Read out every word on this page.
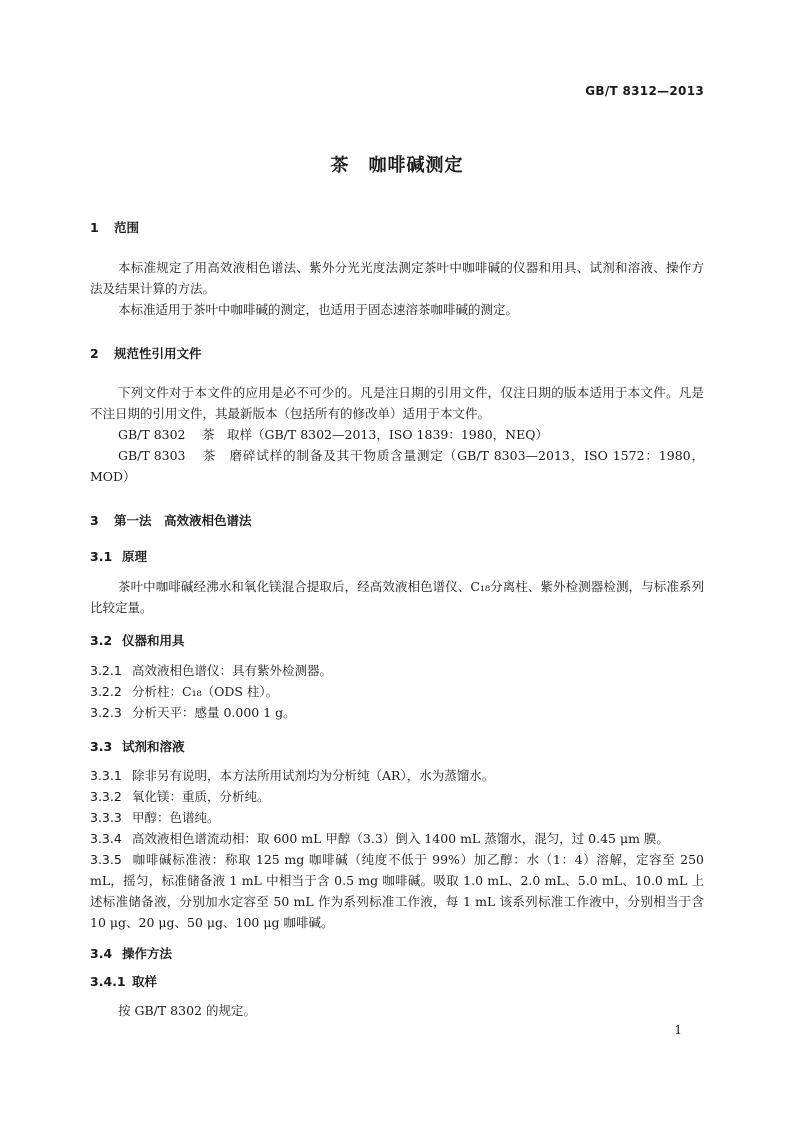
GB/T 8312—2013
茶　咖啡碱测定
1 范围
本标准规定了用高效液相色谱法、紫外分光光度法测定茶叶中咖啡碱的仪器和用具、试剂和溶液、操作方法及结果计算的方法。
本标准适用于茶叶中咖啡碱的测定，也适用于固态速溶茶咖啡碱的测定。
2 规范性引用文件
下列文件对于本文件的应用是必不可少的。凡是注日期的引用文件，仅注日期的版本适用于本文件。凡是不注日期的引用文件，其最新版本（包括所有的修改单）适用于本文件。
GB/T 8302 茶　取样（GB/T 8302—2013，ISO 1839：1980，NEQ）
GB/T 8303 茶　磨碎试样的制备及其干物质含量测定（GB/T 8303—2013，ISO 1572：1980，MOD）
3 第一法　高效液相色谱法
3.1 原理
茶叶中咖啡碱经沸水和氧化镁混合提取后，经高效液相色谱仪、C₁₈分离柱、紫外检测器检测，与标准系列比较定量。
3.2 仪器和用具
3.2.1 高效液相色谱仪：具有紫外检测器。
3.2.2 分析柱：C₁₈（ODS 柱）。
3.2.3 分析天平：感量 0.000 1 g。
3.3 试剂和溶液
3.3.1 除非另有说明，本方法所用试剂均为分析纯（AR），水为蒸馏水。
3.3.2 氧化镁：重质，分析纯。
3.3.3 甲醇：色谱纯。
3.3.4 高效液相色谱流动相：取 600 mL 甲醇（3.3）倒入 1400 mL 蒸馏水，混匀，过 0.45 μm 膜。
3.3.5 咖啡碱标准液：称取 125 mg 咖啡碱（纯度不低于 99%）加乙醇：水（1：4）溶解，定容至 250 mL，摇匀，标准储备液 1 mL 中相当于含 0.5 mg 咖啡碱。吸取 1.0 mL、2.0 mL、5.0 mL、10.0 mL 上述标准储备液，分别加水定容至 50 mL 作为系列标准工作液，每 1 mL 该系列标准工作液中，分别相当于含 10 μg、20 μg、50 μg、100 μg 咖啡碱。
3.4 操作方法
3.4.1 取样
按 GB/T 8302 的规定。
1
